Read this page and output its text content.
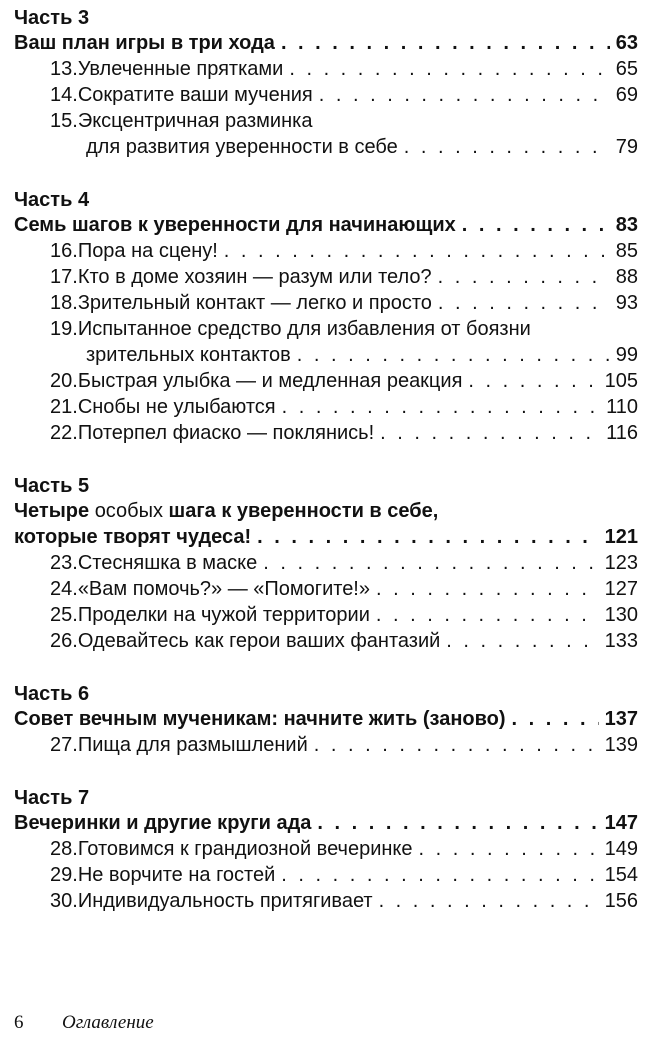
Часть 3
Ваш план игры в три хода . . .	63
13.Увлеченные прятками . . .	65
14.Сократите ваши мучения . . .	69
15.Эксцентричная разминка
для развития уверенности в себе . . .	79
Часть 4
Семь шагов к уверенности для начинающих . . .	83
16.Пора на сцену! . . .	85
17.Кто в доме хозяин — разум или тело? . . .	88
18.Зрительный контакт — легко и просто . . .	93
19.Испытанное средство для избавления от боязни
зрительных контактов . . .	99
20.Быстрая улыбка — и медленная реакция . . .	105
21.Снобы не улыбаются . . .	110
22.Потерпел фиаско — поклянись! . . .	116
Часть 5
Четыре особых шага к уверенности в себе,
которые творят чудеса! . . .	121
23.Стесняшка в маске . . .	123
24.«Вам помочь?» — «Помогите!» . . .	127
25.Проделки на чужой территории . . .	130
26.Одевайтесь как герои ваших фантазий . . .	133
Часть 6
Совет вечным мученикам: начните жить (заново) . . .	137
27.Пища для размышлений . . .	139
Часть 7
Вечеринки и другие круги ада . . .	147
28.Готовимся к грандиозной вечеринке . . .	149
29.Не ворчите на гостей . . .	154
30.Индивидуальность притягивает . . .	156
6 Оглавление
